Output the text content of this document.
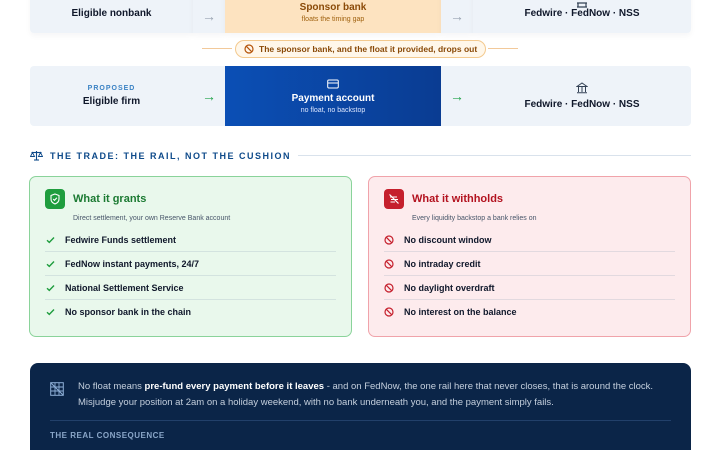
Eligible nonbank	→
Sponsor bank
floats the timing gap	→	Fedwire · FedNow · NSS
The sponsor bank, and the float it provided, drops out
PROPOSED
Eligible firm	→	Payment account
no float, no backstop
→
Fedwire · FedNow · NSS
THE TRADE: THE RAIL, NOT THE CUSHION
What it grants
Direct settlement, your own Reserve Bank account
Fedwire Funds settlement
FedNow instant payments, 24/7
National Settlement Service
No sponsor bank in the chain
What it withholds
Every liquidity backstop a bank relies on
No discount window
No intraday credit
No daylight overdraft
No interest on the balance

No float means pre-fund every payment before it leaves - and on FedNow, the one rail here that never closes, that is around the clock. Misjudge your position at 2am on a holiday weekend, with no bank underneath you, and the payment simply fails.

THE REAL CONSEQUENCE
